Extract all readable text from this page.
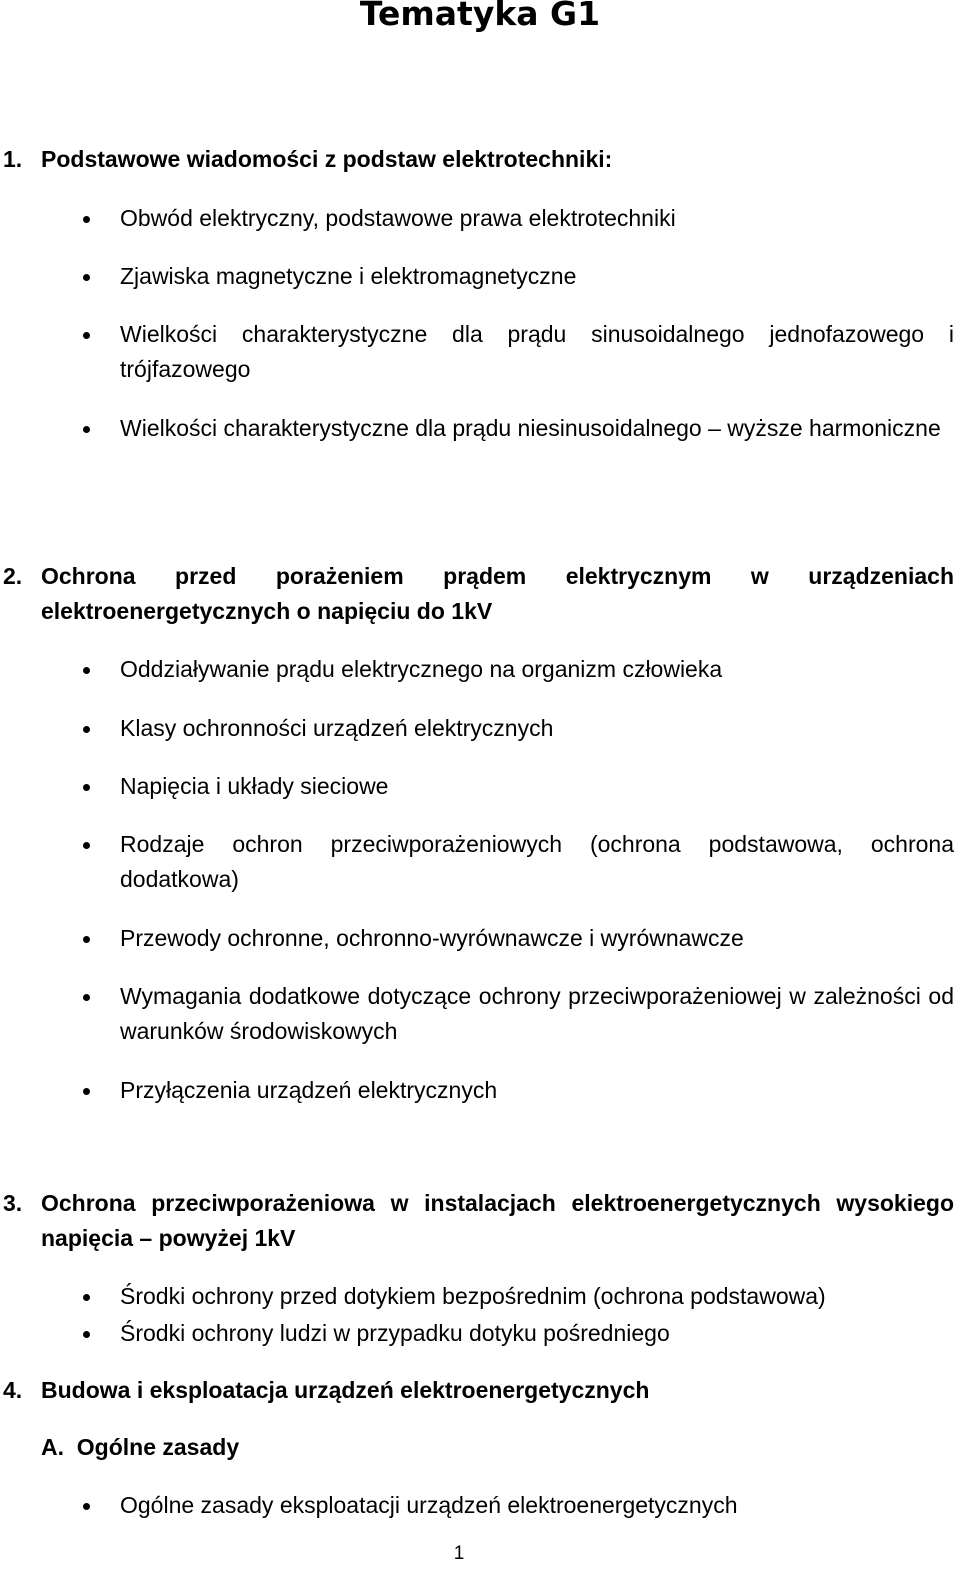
Tematyka G1
1. Podstawowe wiadomości z podstaw elektrotechniki:
Obwód elektryczny, podstawowe prawa elektrotechniki
Zjawiska magnetyczne i elektromagnetyczne
Wielkości charakterystyczne dla prądu sinusoidalnego jednofazowego i trójfazowego
Wielkości charakterystyczne dla prądu niesinusoidalnego – wyższe harmoniczne
2. Ochrona przed porażeniem prądem elektrycznym w urządzeniach elektroenergetycznych o napięciu do 1kV
Oddziaływanie prądu elektrycznego na organizm człowieka
Klasy ochronności urządzeń elektrycznych
Napięcia i układy sieciowe
Rodzaje ochron przeciwporażeniowych (ochrona podstawowa, ochrona dodatkowa)
Przewody ochronne, ochronno-wyrównawcze i wyrównawcze
Wymagania dodatkowe dotyczące ochrony przeciwporażeniowej w zależności od warunków środowiskowych
Przyłączenia urządzeń elektrycznych
3. Ochrona przeciwporażeniowa w instalacjach elektroenergetycznych wysokiego napięcia – powyżej 1kV
Środki ochrony przed dotykiem bezpośrednim (ochrona podstawowa)
Środki ochrony ludzi w przypadku dotyku pośredniego
4. Budowa i eksploatacja urządzeń elektroenergetycznych
A. Ogólne zasady
Ogólne zasady eksploatacji urządzeń elektroenergetycznych
1
